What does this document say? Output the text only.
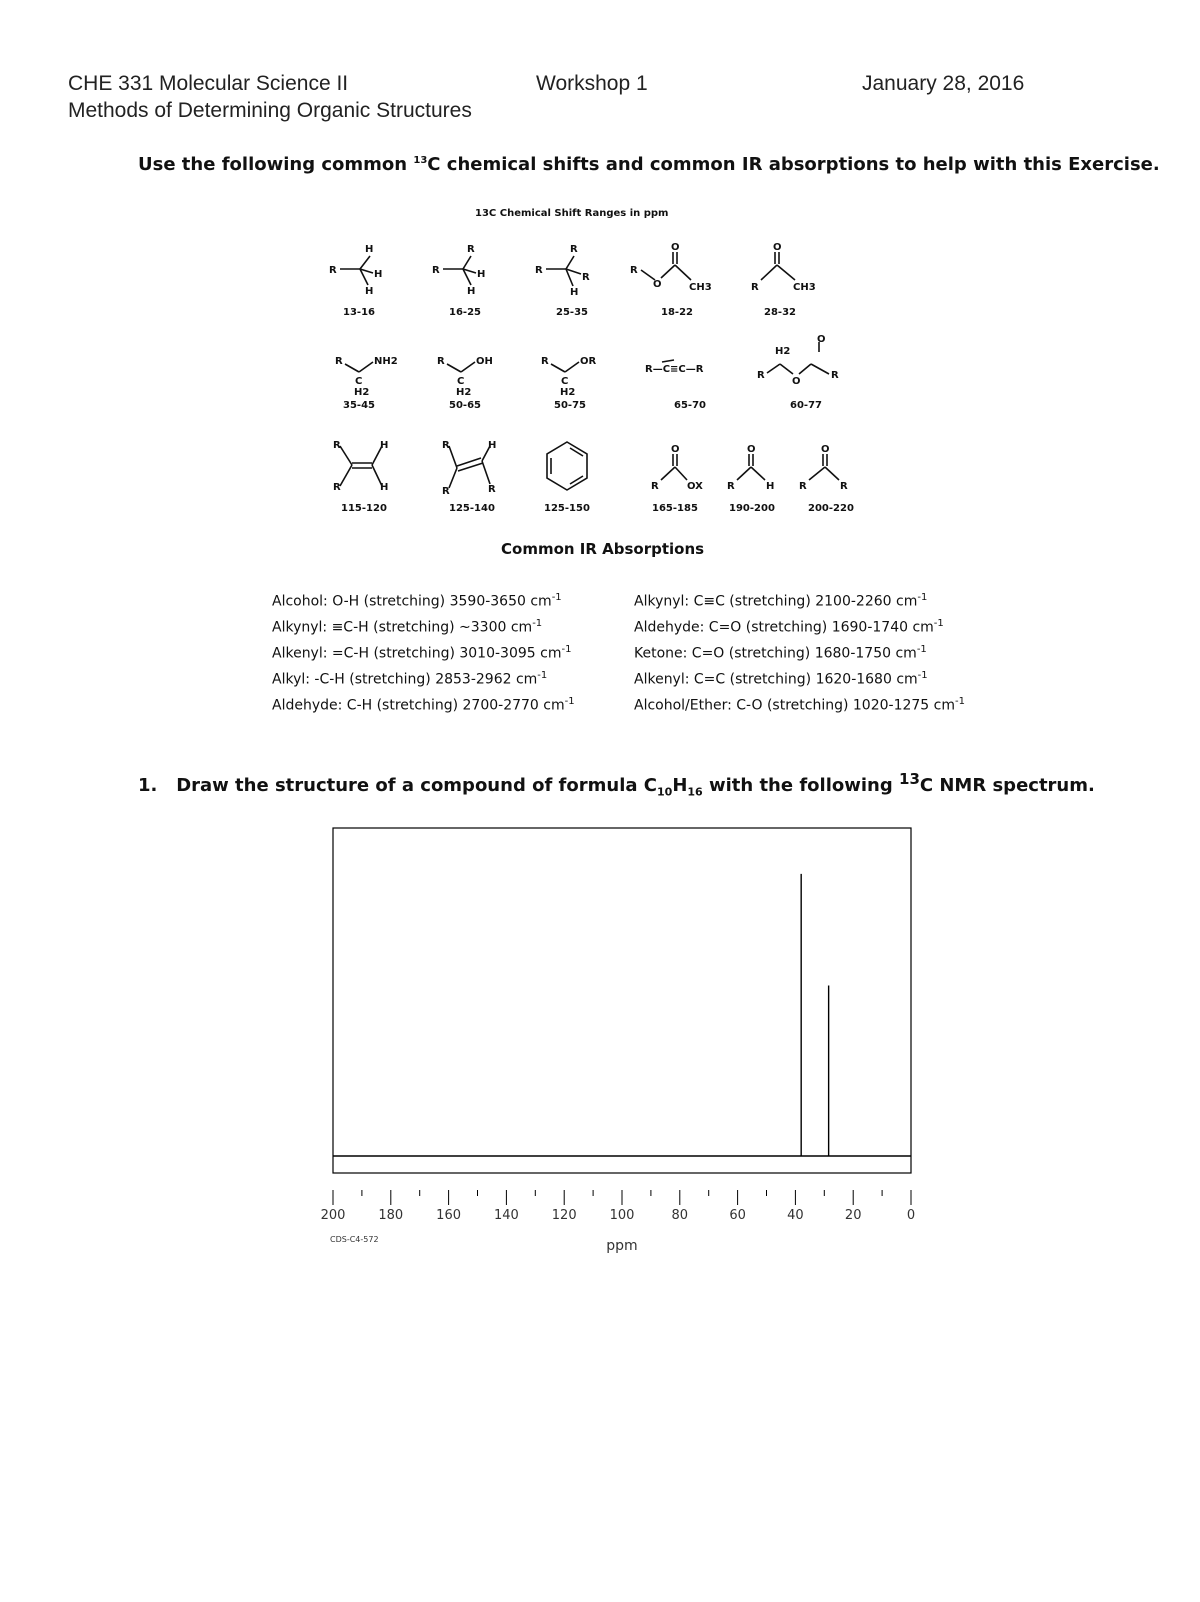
CHE 331 Molecular Science II	Workshop 1	January 28, 2016
Methods of Determining Organic Structures
Use the following common $^{13}$C chemical shifts and common IR absorptions to help with this Exercise.
13C Chemical Shift Ranges in ppm
R
H
H
H
R
R
H
H
R
R
R
H
R
O
O
CH3	R
O
CH3
R	NH2
C
H2
R	OH
C
H2
R	OR
C
H2
R—C≡C—R
H2
O
R
O
R
R
R
H
H
R
R
H
R
O
R	OX
O
R	H
O
R	R
13-16	16-25	25-35	18-22	28-32
35-45	50-65	50-75	65-70	60-77
115-120	125-140	125-150	165-185	190-200	200-220
Common IR Absorptions
Alcohol: O-H (stretching) 3590-3650 $cm^{-1}$
Alkynyl: ≡C-H (stretching) ~3300 $cm^{-1}$
Alkenyl: =C-H (stretching) 3010-3095 $cm^{-1}$
Alkyl: -C-H (stretching) 2853-2962 $cm^{-1}$
Aldehyde: C-H (stretching) 2700-2770 $cm^{-1}$
Alkynyl: C≡C (stretching) 2100-2260 $cm^{-1}$
Aldehyde: C=O (stretching) 1690-1740 $cm^{-1}$
Ketone: C=O (stretching) 1680-1750 $cm^{-1}$
Alkenyl: C=C (stretching) 1620-1680 $cm^{-1}$
Alcohol/Ether: C-O (stretching) 1020-1275 $cm^{-1}$
1. Draw the structure of a compound of formula $C_{10}H_{16}$ with the following $^{13}$C NMR spectrum.
200	180	160	140	120	100	80	60	40	20	0
CDS-C4-572	ppm
